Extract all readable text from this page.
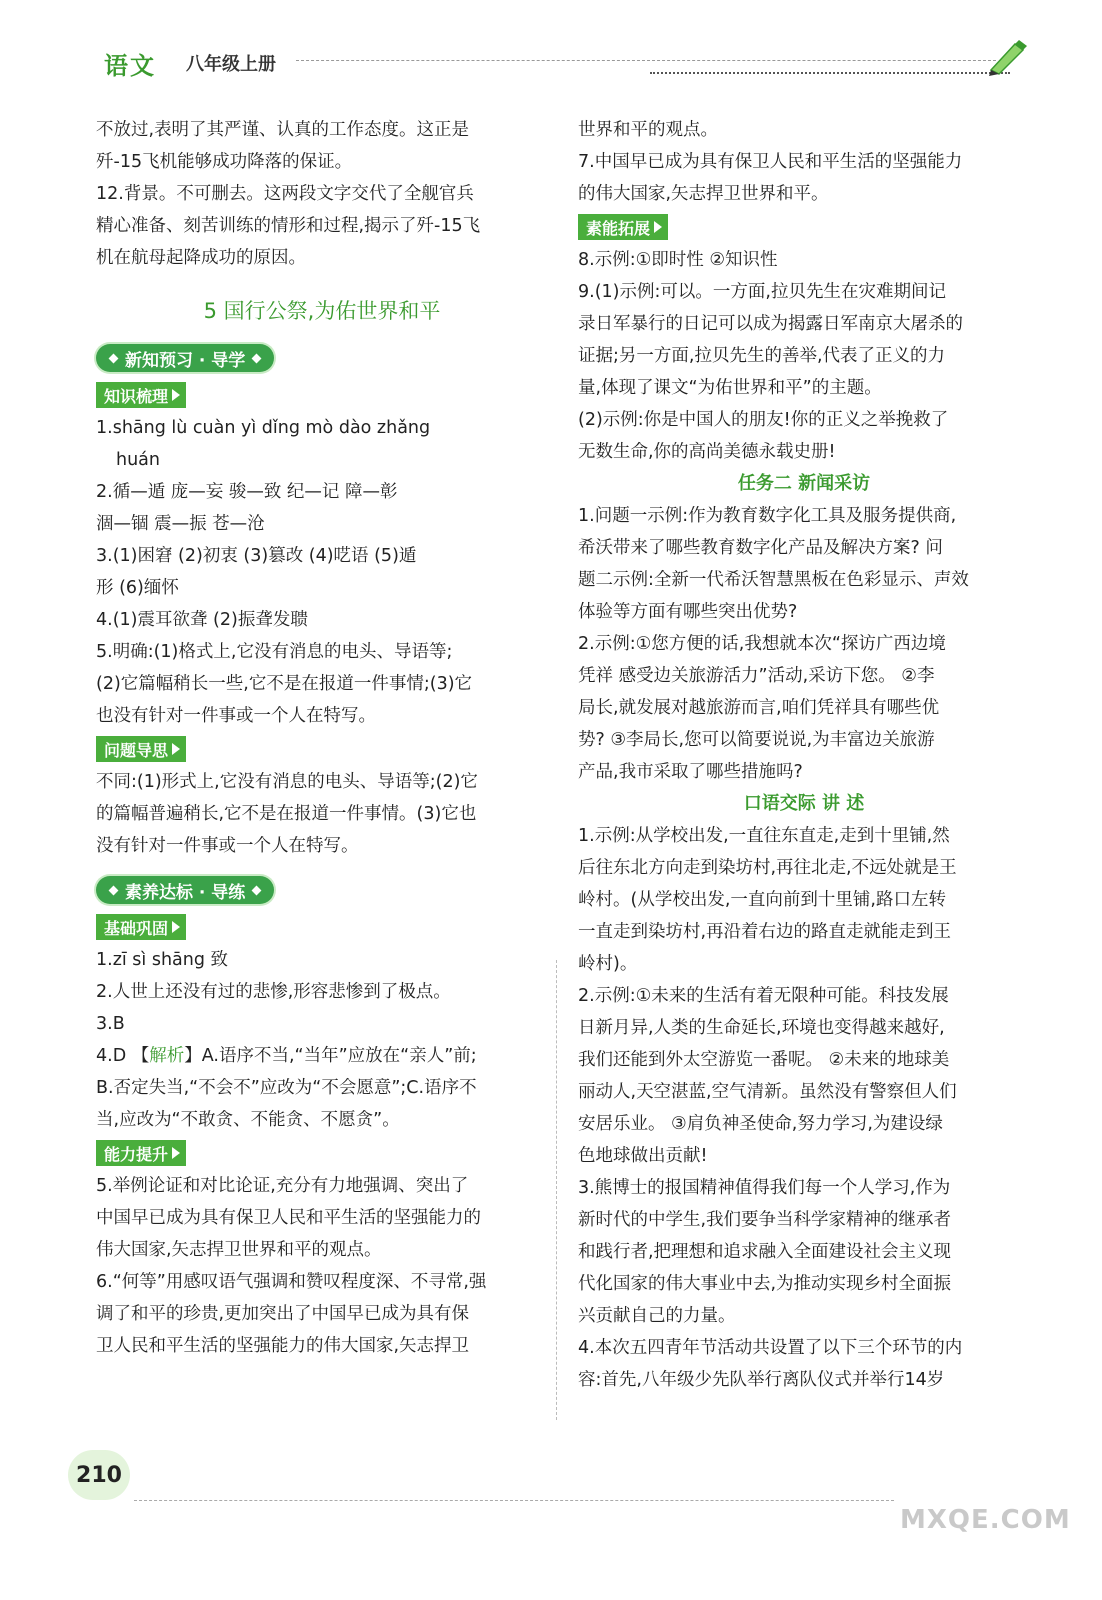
语文 八年级上册

不放过,表明了其严谨、认真的工作态度。这正是

歼-15飞机能够成功降落的保证。

12.背景。不可删去。这两段文字交代了全舰官兵

精心准备、刻苦训练的情形和过程,揭示了歼-15飞

机在航母起降成功的原因。

5 国行公祭,为佑世界和平
新知预习 · 导学
知识梳理

1.shāng lù cuàn yì dǐng mò dào zhǎng

huán

2.循—遁 庞—妄 骏—致 纪—记 障—彰

涸—锢 震—振 苍—沧

3.(1)困窘 (2)初衷 (3)篡改 (4)呓语 (5)遁

形 (6)缅怀

4.(1)震耳欲聋 (2)振聋发聩

5.明确:(1)格式上,它没有消息的电头、导语等;

(2)它篇幅稍长一些,它不是在报道一件事情;(3)它

也没有针对一件事或一个人在特写。

问题导思

不同:(1)形式上,它没有消息的电头、导语等;(2)它

的篇幅普遍稍长,它不是在报道一件事情。(3)它也

没有针对一件事或一个人在特写。

素养达标 · 导练
基础巩固

1.zī sì shāng 致

2.人世上还没有过的悲惨,形容悲惨到了极点。

3.B

4.D 【解析】A.语序不当,“当年”应放在“亲人”前;

B.否定失当,“不会不”应改为“不会愿意”;C.语序不

当,应改为“不敢贪、不能贪、不愿贪”。

能力提升

5.举例论证和对比论证,充分有力地强调、突出了

中国早已成为具有保卫人民和平生活的坚强能力的

伟大国家,矢志捍卫世界和平的观点。

6.“何等”用感叹语气强调和赞叹程度深、不寻常,强

调了和平的珍贵,更加突出了中国早已成为具有保

卫人民和平生活的坚强能力的伟大国家,矢志捍卫

世界和平的观点。

7.中国早已成为具有保卫人民和平生活的坚强能力

的伟大国家,矢志捍卫世界和平。

素能拓展

8.示例:①即时性 ②知识性

9.(1)示例:可以。一方面,拉贝先生在灾难期间记

录日军暴行的日记可以成为揭露日军南京大屠杀的

证据;另一方面,拉贝先生的善举,代表了正义的力

量,体现了课文“为佑世界和平”的主题。

(2)示例:你是中国人的朋友!你的正义之举挽救了

无数生命,你的高尚美德永载史册!

任务二 新闻采访

1.问题一示例:作为教育数字化工具及服务提供商,

希沃带来了哪些教育数字化产品及解决方案? 问

题二示例:全新一代希沃智慧黑板在色彩显示、声效

体验等方面有哪些突出优势?

2.示例:①您方便的话,我想就本次“探访广西边境

凭祥 感受边关旅游活力”活动,采访下您。 ②李

局长,就发展对越旅游而言,咱们凭祥具有哪些优

势? ③李局长,您可以简要说说,为丰富边关旅游

产品,我市采取了哪些措施吗?

口语交际 讲 述

1.示例:从学校出发,一直往东直走,走到十里铺,然

后往东北方向走到染坊村,再往北走,不远处就是王

岭村。(从学校出发,一直向前到十里铺,路口左转

一直走到染坊村,再沿着右边的路直走就能走到王

岭村)。

2.示例:①未来的生活有着无限种可能。科技发展

日新月异,人类的生命延长,环境也变得越来越好,

我们还能到外太空游览一番呢。 ②未来的地球美

丽动人,天空湛蓝,空气清新。虽然没有警察但人们

安居乐业。 ③肩负神圣使命,努力学习,为建设绿

色地球做出贡献!

3.熊博士的报国精神值得我们每一个人学习,作为

新时代的中学生,我们要争当科学家精神的继承者

和践行者,把理想和追求融入全面建设社会主义现

代化国家的伟大事业中去,为推动实现乡村全面振

兴贡献自己的力量。

4.本次五四青年节活动共设置了以下三个环节的内

容:首先,八年级少先队举行离队仪式并举行14岁

210
MXQE.COM
